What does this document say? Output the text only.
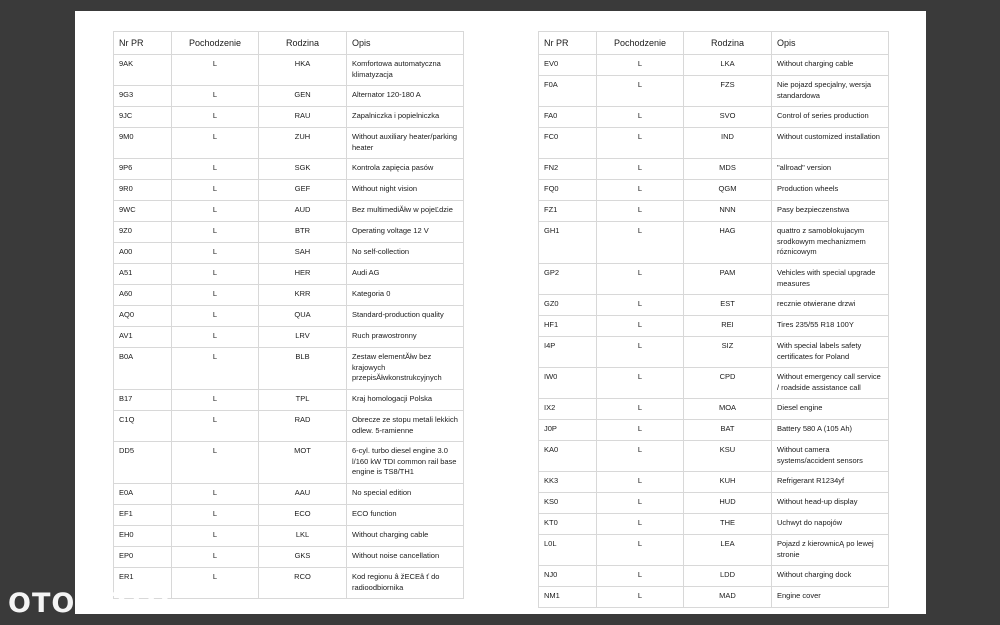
Nr PR	Pochodzenie	Rodzina	Opis
9AK	L	HKA	Komfortowa automatyczna klimatyzacja
9G3	L	GEN	Alternator 120-180 A
9JC	L	RAU	Zapalniczka i popielniczka
9M0	L	ZUH	Without auxiliary heater/parking heater
9P6	L	SGK	Kontrola zapięcia pasów
9R0	L	GEF	Without night vision
9WC	L	AUD	Bez multimediĂłw w pojeĽdzie
9Z0	L	BTR	Operating voltage 12 V
A00	L	SAH	No self-collection
A51	L	HER	Audi AG
A60	L	KRR	Kategoria 0
AQ0	L	QUA	Standard-production quality
AV1	L	LRV	Ruch prawostronny
B0A	L	BLB	Zestaw elementĂłw bez krajowych przepisĂłwkonstrukcyjnych
B17	L	TPL	Kraj homologacji Polska
C1Q	L	RAD	Obrecze ze stopu metali lekkich odlew. 5-ramienne
DD5	L	MOT	6-cyl. turbo diesel engine 3.0 l/160 kW TDI common rail base engine is TS8/TH1
E0A	L	AAU	No special edition
EF1	L	ECO	ECO function
EH0	L	LKL	Without charging cable
EP0	L	GKS	Without noise cancellation
ER1	L	RCO	Kod regionu â žECEâ ť do radioodbiornika
Nr PR	Pochodzenie	Rodzina	Opis
EV0	L	LKA	Without charging cable
F0A	L	FZS	Nie pojazd specjalny, wersja standardowa
FA0	L	SVO	Control of series production
FC0	L	IND	Without customized installation
FN2	L	MDS	"allroad" version
FQ0	L	QGM	Production wheels
FZ1	L	NNN	Pasy bezpieczenstwa
GH1	L	HAG	quattro z samoblokujacym srodkowym mechanizmem róznicowym
GP2	L	PAM	Vehicles with special upgrade measures
GZ0	L	EST	recznie otwierane drzwi
HF1	L	REI	Tires 235/55 R18 100Y
I4P	L	SIZ	With special labels safety certificates for Poland
IW0	L	CPD	Without emergency call service / roadside assistance call
IX2	L	MOA	Diesel engine
J0P	L	BAT	Battery 580 A (105 Ah)
KA0	L	KSU	Without camera systems/accident sensors
KK3	L	KUH	Refrigerant R1234yf
KS0	L	HUD	Without head-up display
KT0	L	THE	Uchwyt do napojów
L0L	L	LEA	Pojazd z kierownicĄ po lewej stronie
NJ0	L	LDD	Without charging dock
NM1	L	MAD	Engine cover
OTOMOTO
